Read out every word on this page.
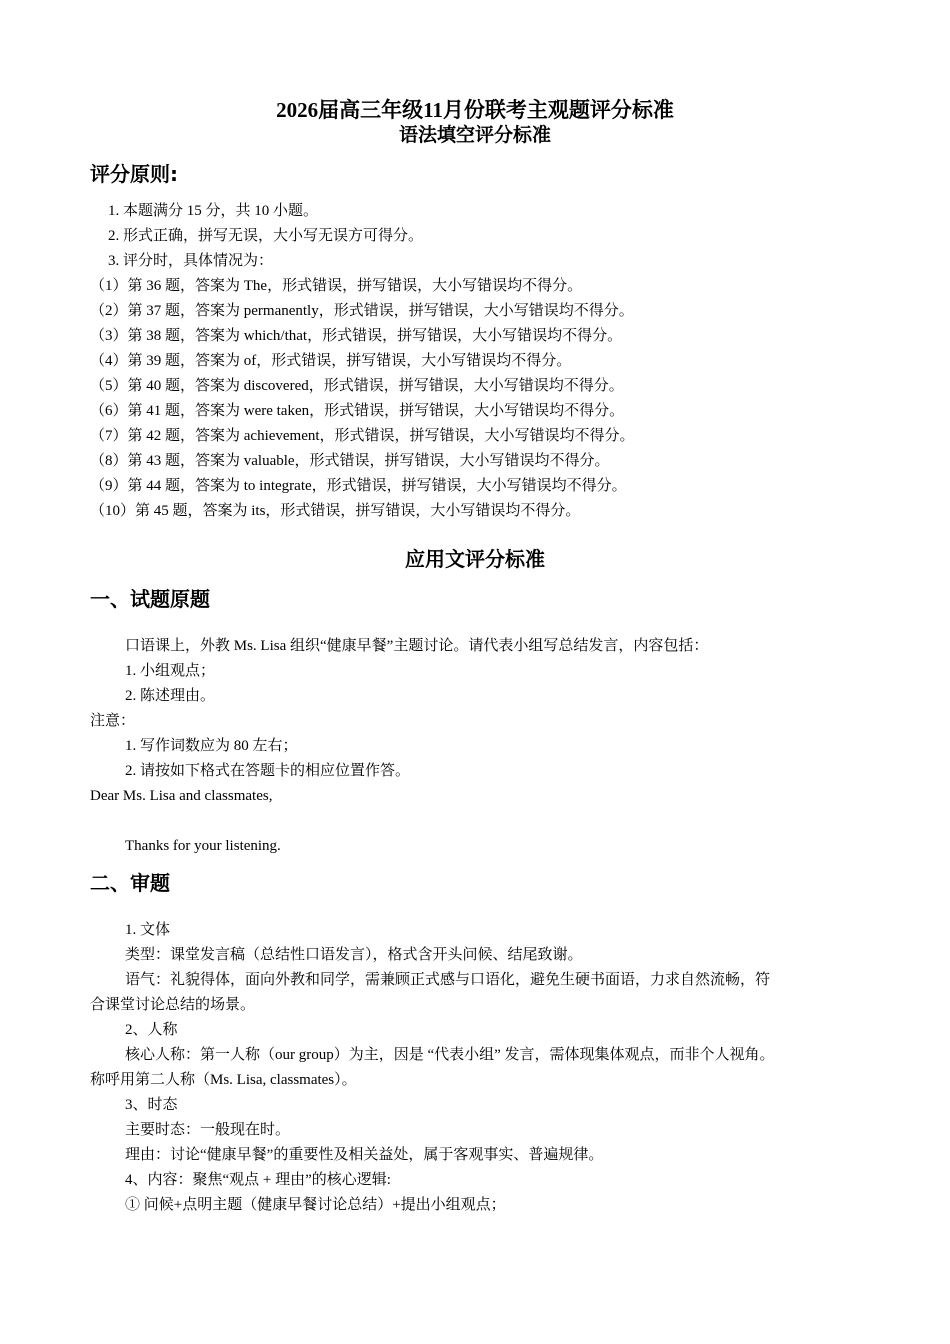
2026届高三年级11月份联考主观题评分标准
语法填空评分标准
评分原则:
1. 本题满分 15 分，共 10 小题。
2. 形式正确，拼写无误，大小写无误方可得分。
3. 评分时，具体情况为：
（1）第 36 题，答案为 The，形式错误，拼写错误，大小写错误均不得分。
（2）第 37 题，答案为 permanently，形式错误，拼写错误，大小写错误均不得分。
（3）第 38 题，答案为 which/that，形式错误，拼写错误，大小写错误均不得分。
（4）第 39 题，答案为 of，形式错误，拼写错误，大小写错误均不得分。
（5）第 40 题，答案为 discovered，形式错误，拼写错误，大小写错误均不得分。
（6）第 41 题，答案为 were taken，形式错误，拼写错误，大小写错误均不得分。
（7）第 42 题，答案为 achievement，形式错误，拼写错误，大小写错误均不得分。
（8）第 43 题，答案为 valuable，形式错误，拼写错误，大小写错误均不得分。
（9）第 44 题，答案为 to integrate，形式错误，拼写错误，大小写错误均不得分。
（10）第 45 题，答案为 its，形式错误，拼写错误，大小写错误均不得分。
应用文评分标准
一、试题原题
口语课上，外教 Ms. Lisa 组织“健康早餐”主题讨论。请代表小组写总结发言，内容包括：
1. 小组观点；
2. 陈述理由。
注意：
1. 写作词数应为 80 左右；
2. 请按如下格式在答题卡的相应位置作答。
Dear Ms. Lisa and classmates,
Thanks for your listening.
二、审题
1. 文体
类型：课堂发言稿（总结性口语发言），格式含开头问候、结尾致谢。
语气：礼貌得体，面向外教和同学，需兼顾正式感与口语化，避免生硬书面语，力求自然流畅，符
合课堂讨论总结的场景。
2、人称
核心人称：第一人称（our group）为主，因是 “代表小组” 发言，需体现集体观点，而非个人视角。
称呼用第二人称（Ms. Lisa, classmates）。
3、时态
主要时态：一般现在时。
理由：讨论“健康早餐”的重要性及相关益处，属于客观事实、普遍规律。
4、内容：聚焦“观点 + 理由”的核心逻辑:
① 问候+点明主题（健康早餐讨论总结）+提出小组观点；
